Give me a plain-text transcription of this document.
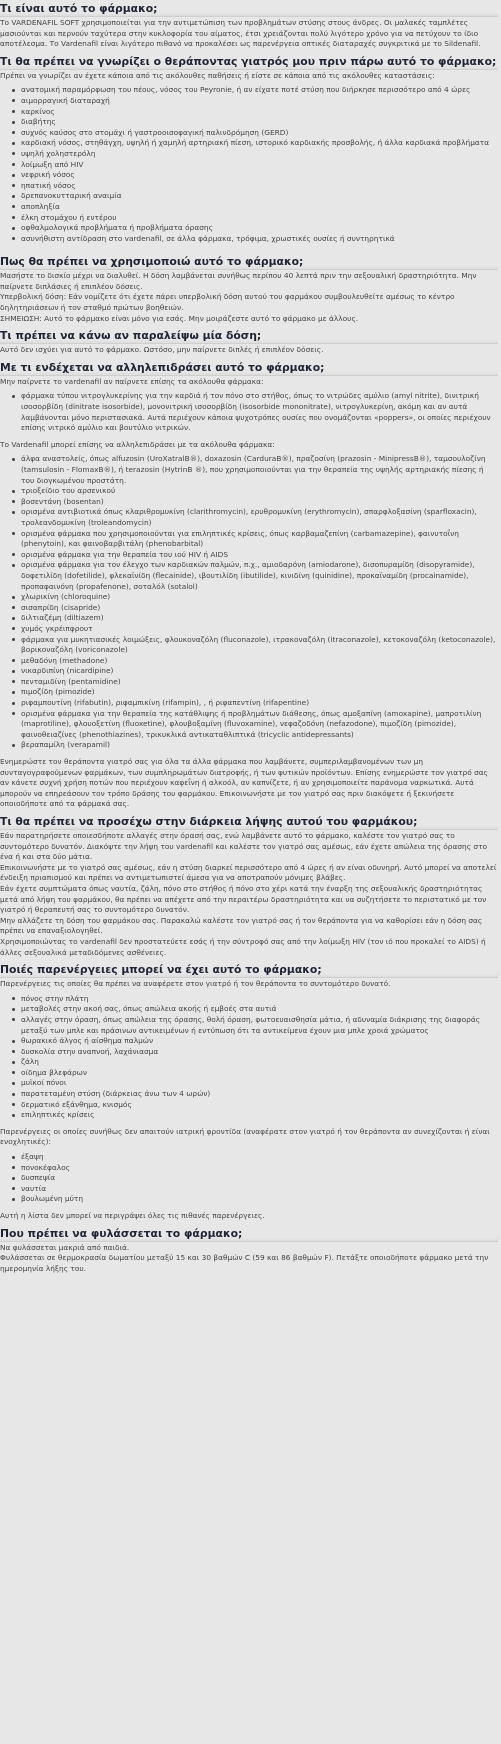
Τι είναι αυτό το φάρμακο;

Το VARDENAFIL SOFT χρησιμοποιείται για την αντιμετώπιση των προβλημάτων στύσης στους άνδρες. Οι μαλακές ταμπλέτες μασιούνται και περνούν ταχύτερα στην κυκλοφορία του αίματος, έτσι χρειάζονται πολύ λιγότερο χρόνο για να πετύχουν το ίδιο αποτέλεσμα. Το Vardenafil είναι λιγότερο πιθανό να προκαλέσει ως παρενέργεια οπτικές διαταραχές συγκριτικά με το Sildenafil.

Τι θα πρέπει να γνωρίζει ο θεράποντας γιατρός μου πριν πάρω αυτό το φάρμακο;

Πρέπει να γνωρίζει αν έχετε κάποια από τις ακόλουθες παθήσεις ή είστε σε κάποια από τις ακόλουθες καταστάσεις:

ανατομική παραμόρφωση του πέους, νόσος του Peyronie, ή αν είχατε ποτέ στύση που διήρκησε περισσότερο από 4 ώρες
αιμορραγική διαταραχή
καρκίνος
διαβήτης
συχνός καύσος στο στομάχι ή γαστροοισοφαγική παλινδρόμηση (GERD)
καρδιακή νόσος, στηθάγχη, υψηλή ή χαμηλή αρτηριακή πίεση, ιστορικό καρδιακής προσβολής, ή άλλα καρδιακά προβλήματα
υψηλή χοληστερόλη
λοίμωξη από HIV
νεφρική νόσος
ηπατική νόσος
δρεπανοκυτταρική αναιμία
αποπληξία
έλκη στομάχου ή εντέρου
οφθαλμολογικά προβλήματα ή προβλήματα όρασης
ασυνήθιστη αντίδραση στο vardenafil, σε άλλα φάρμακα, τρόφιμα, χρωστικές ουσίες ή συντηρητικά
Πως θα πρέπει να χρησιμοποιώ αυτό το φάρμακο;

Μασήστε το δισκίο μέχρι να διαλυθεί. Η δόση λαμβάνεται συνήθως περίπου 40 λεπτά πριν την σεξουαλική δραστηριότητα. Μην παίρνετε διπλάσιες ή επιπλέον δόσεις.

Υπερβολική δόση: Εάν νομίζετε ότι έχετε πάρει υπερβολική δόση αυτού του φαρμάκου συμβουλευθείτε αμέσως το κέντρο δηλητηριάσεων ή τον σταθμό πρώτων βοηθειών.

ΣΗΜΕΙΩΣΗ: Αυτό το φάρμακο είναι μόνο για εσάς. Μην μοιράζεστε αυτό το φάρμακο με άλλους.

Τι πρέπει να κάνω αν παραλείψω μία δόση;

Αυτό δεν ισχύει για αυτό το φάρμακο. Ωστόσο, μην παίρνετε διπλές ή επιπλέον δόσεις.

Με τι ενδέχεται να αλληλεπιδράσει αυτό το φάρμακο;

Μην παίρνετε το vardenafil αν παίρνετε επίσης τα ακόλουθα φάρμακα:

φάρμακα τύπου νιτρογλυκερίνης για την καρδιά ή τον πόνο στο στήθος, όπως το νιτρώδες αμύλιο (amyl nitrite), δινιτρική ισοσορβίδη (dinitrate isosorbide), μονονιτρική ισοσορβίδη (isosorbide mononitrate), νιτρογλυκερίνη, ακόμη και αν αυτά λαμβάνονται μόνο περιστασιακά. Αυτά περιέχουν κάποια ψυχοτρόπες ουσίες που ονομάζονται «poppers», οι οποίες περιέχουν επίσης νιτρικό αμύλιο και βουτύλιο νιτρικών.

Το Vardenafil μπορεί επίσης να αλληλεπιδράσει με τα ακόλουθα φάρμακα:

άλφα αναστολείς, όπως alfuzosin (UroXatralB®), doxazosin (CarduraB®), πραζοσίνη (prazosin - MinipressB®), ταμσουλοζίνη (tamsulosin - FlomaxB®), ή terazosin (HytrinB ®), που χρησιμοποιούνται για την θεραπεία της υψηλής αρτηριακής πίεσης ή του διογκωμένου προστάτη.
τριοξείδιο του αρσενικού
βοσεντάνη (bosentan)
ορισμένα αντιβιοτικά όπως κλαριθρομυκίνη (clarithromycin), ερυθρομυκίνη (erythromycin), σπαρφλοξασίνη (sparfloxacin), τρολεανδομυκίνη (troleandomycin)
ορισμένα φάρμακα που χρησιμοποιούνται για επιληπτικές κρίσεις, όπως καρβαμαζεπίνη (carbamazepine), φαινυτοΐνη (phenytoin), και φαινοβαρβιτάλη (phenobarbital)
ορισμένα φάρμακα για την θεραπεία του ιού HIV ή AIDS
ορισμένα φάρμακα για τον έλεγχο των καρδιακών παλμών, π.χ., αμιοδαρόνη (amiodarone), δισοπυραμίδη (disopyramide), δοφετιλίδη (dofetilide), φλεκαϊνίδη (flecainide), ιβουτιλίδη (ibutilide), κινιδίνη (quinidine), προκαϊναμίδη (procainamide), προπαφαινόνη (propafenone), σοταλόλ (sotalol)
χλωρικίνη (chloroquine)
σισαπρίδη (cisapride)
διλτιαζέμη (diltiazem)
χυμός γκρέιπφρουτ
φάρμακα για μυκητιασικές λοιμώξεις, φλουκοναζόλη (fluconazole), ιτρακοναζόλη (itraconazole), κετοκοναζόλη (ketoconazole), βορικοναζόλη (voriconazole)
μεθαδόνη (methadone)
νικαρδιπίνη (nicardipine)
πενταμιδίνη (pentamidine)
πιμοζίδη (pimozide)
ριφαμπουτίνη (rifabutin), ριφαμπικίνη (rifampin), , ή ριφαπεντίνη (rifapentine)
ορισμένα φάρμακα για την θεραπεία της κατάθλιψης ή προβλημάτων διάθεσης, όπως αμοξαπίνη (amoxapine), μαπροτιλίνη (maprotiline), φλουοξετίνη (fluoxetine), φλουβοξαμίνη (fluvoxamine), νεφαζοδόνη (nefazodone), πιμοζίδη (pimozide), φαινοθειαζίνες (phenothiazines), τρικυκλικά αντικαταθλιπτικά (tricyclic antidepressants)
βεραπαμίλη (verapamil)

Ενημερώστε τον θεράποντα γιατρό σας για όλα τα άλλα φάρμακα που λαμβάνετε, συμπεριλαμβανομένων των μη συνταγογραφούμενων φαρμάκων, των συμπληρωμάτων διατροφής, ή των φυτικών προϊόντων. Επίσης ενημερώστε τον γιατρό σας αν κάνετε συχνή χρήση ποτών που περιέχουν καφεΐνη ή αλκοόλ, αν καπνίζετε, ή αν χρησιμοποιείτε παράνομα ναρκωτικά. Αυτά μπορούν να επηρεάσουν τον τρόπο δράσης του φαρμάκου. Επικοινωνήστε με τον γιατρό σας πριν διακόψετε ή ξεκινήσετε οποιοδήποτε από τα φάρμακά σας.

Τι θα πρέπει να προσέχω στην διάρκεια λήψης αυτού του φαρμάκου;

Εάν παρατηρήσετε οποιεσδήποτε αλλαγές στην όρασή σας, ενώ λαμβάνετε αυτό το φάρμακο, καλέστε τον γιατρό σας το συντομότερο δυνατόν. Διακόψτε την λήψη του vardenafil και καλέστε τον γιατρό σας αμέσως, εάν έχετε απώλεια της όρασης στο ένα ή και στα δύο μάτια.

Επικοινωνήστε με το γιατρό σας αμέσως, εάν η στύση διαρκεί περισσότερο από 4 ώρες ή αν είναι οδυνηρή. Αυτό μπορεί να αποτελεί ένδειξη πριαπισμού και πρέπει να αντιμετωπιστεί άμεσα για να αποτραπούν μόνιμες βλάβες.

Εάν έχετε συμπτώματα όπως ναυτία, ζάλη, πόνο στο στήθος ή πόνο στο χέρι κατά την έναρξη της σεξουαλικής δραστηριότητας μετά από λήψη του φαρμάκου, θα πρέπει να απέχετε από την περαιτέρω δραστηριότητα και να συζητήσετε το περιστατικό με τον γιατρό ή θεραπευτή σας το συντομότερο δυνατόν.

Μην αλλάζετε τη δόση του φαρμάκου σας. Παρακαλώ καλέστε τον γιατρό σας ή τον θεράποντα για να καθορίσει εάν η δόση σας πρέπει να επαναξιολογηθεί.

Χρησιμοποιώντας το vardenafil δεν προστατεύετε εσάς ή την σύντροφό σας από την λοίμωξη HIV (τον ιό που προκαλεί το AIDS) ή άλλες σεξουαλικά μεταδιδόμενες ασθένειες.

Ποιές παρενέργειες μπορεί να έχει αυτό το φάρμακο;

Παρενέργειες τις οποίες θα πρέπει να αναφέρετε στον γιατρό ή τον θεράποντα το συντομότερο δυνατό.

πόνος στην πλάτη
μεταβολές στην ακοή σας, όπως απώλεια ακοής ή εμβοές στα αυτιά
αλλαγές στην όραση, όπως απώλεια της όρασης, θολή όραση, φωτοευαισθησία μάτια, ή αδυναμία διάκρισης της διαφοράς μεταξύ των μπλε και πράσινων αντικειμένων ή εντύπωση ότι τα αντικείμενα έχουν μια μπλε χροιά χρώματος
θωρακικό άλγος ή αίσθημα παλμών
δυσκολία στην αναπνοή, λαχάνιασμα
ζάλη
οίδημα βλεφάρων
μυϊκοί πόνοι
παρατεταμένη στύση (διάρκειας άνω των 4 ωρών)
δερματικό εξάνθημα, κνισμός
επιληπτικές κρίσεις

Παρενέργειες οι οποίες συνήθως δεν απαιτούν ιατρική φροντίδα (αναφέρατε στον γιατρό ή τον θεράποντα αν συνεχίζονται ή είναι ενοχλητικές):

έξαψη
πονοκέφαλος
δυσπεψία
ναυτία
βουλωμένη μύτη

Αυτή η λίστα δεν μπορεί να περιγράψει όλες τις πιθανές παρενέργειες.

Που πρέπει να φυλάσσεται το φάρμακο;

Να φυλάσσεται μακριά από παιδιά.

Φυλάσσεται σε θερμοκρασία δωματίου μεταξύ 15 και 30 βαθμών C (59 και 86 βαθμών F). Πετάξτε οποιοδήποτε φάρμακο μετά την ημερομηνία λήξης του.
